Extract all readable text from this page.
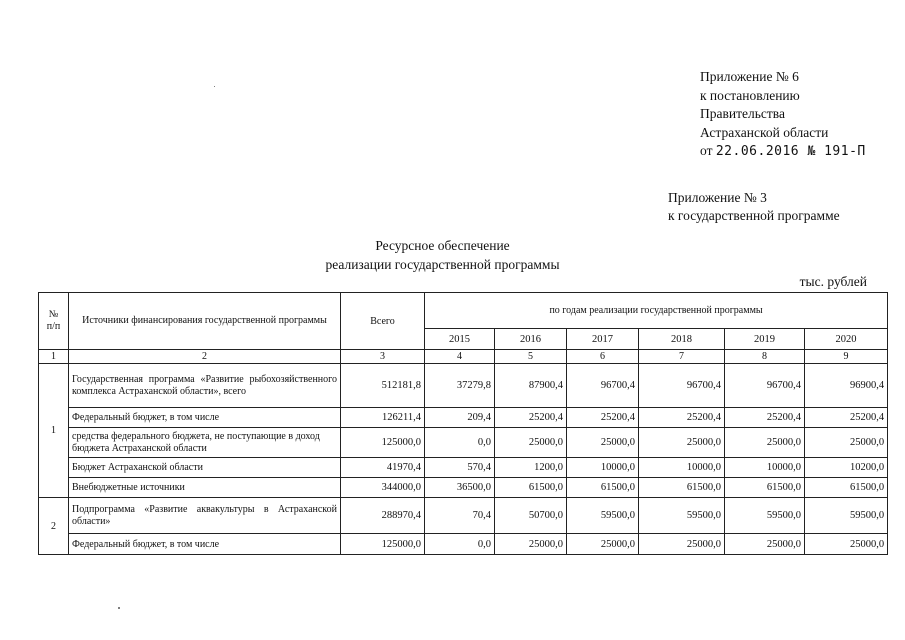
Приложение № 6
к постановлению
Правительства
Астраханской области
от 22.06.2016 № 191-П
Приложение № 3
к государственной программе
Ресурсное обеспечение
реализации государственной программы
тыс. рублей
№
п/п	Источники финансирования государственной программы	Всего	по годам реализации государственной программы					
			2015	2016	2017	2018	2019	2020
1	2	3	4	5	6	7	8	9
1	Государственная программа «Развитие рыбохозяйственного комплекса Астраханской области», всего	512181,8	37279,8	87900,4	96700,4	96700,4	96700,4	96900,4
	Федеральный бюджет, в том числе	126211,4	209,4	25200,4	25200,4	25200,4	25200,4	25200,4
	средства федерального бюджета, не поступающие в доход бюджета Астраханской области	125000,0	0,0	25000,0	25000,0	25000,0	25000,0	25000,0
	Бюджет Астраханской области	41970,4	570,4	1200,0	10000,0	10000,0	10000,0	10200,0
	Внебюджетные источники	344000,0	36500,0	61500,0	61500,0	61500,0	61500,0	61500,0
2	Подпрограмма «Развитие аквакультуры в Астраханской области»	288970,4	70,4	50700,0	59500,0	59500,0	59500,0	59500,0
	Федеральный бюджет, в том числе	125000,0	0,0	25000,0	25000,0	25000,0	25000,0	25000,0
